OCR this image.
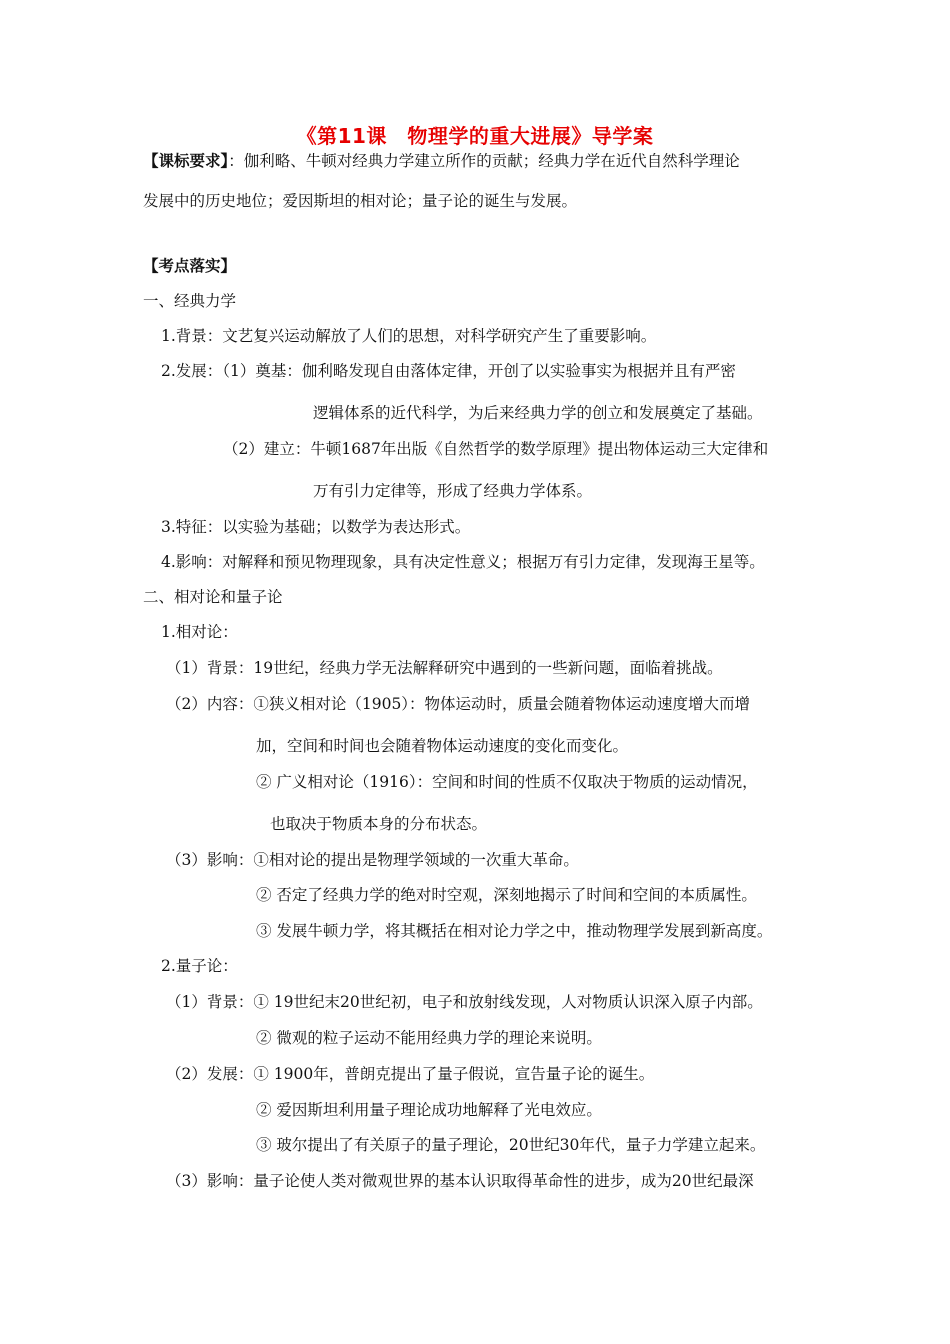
《第11课　物理学的重大进展》导学案
【课标要求】：伽利略、牛顿对经典力学建立所作的贡献；经典力学在近代自然科学理论
发展中的历史地位；爱因斯坦的相对论；量子论的诞生与发展。
【考点落实】
一、经典力学
1.背景：文艺复兴运动解放了人们的思想，对科学研究产生了重要影响。
2.发展：（1）奠基：伽利略发现自由落体定律，开创了以实验事实为根据并且有严密
逻辑体系的近代科学，为后来经典力学的创立和发展奠定了基础。
（2）建立：牛顿1687年出版《自然哲学的数学原理》提出物体运动三大定律和
万有引力定律等，形成了经典力学体系。
3.特征：以实验为基础；以数学为表达形式。
4.影响：对解释和预见物理现象，具有决定性意义；根据万有引力定律，发现海王星等。
二、相对论和量子论
1.相对论：
（1）背景：19世纪，经典力学无法解释研究中遇到的一些新问题，面临着挑战。
（2）内容：①狭义相对论（1905）：物体运动时，质量会随着物体运动速度增大而增
加，空间和时间也会随着物体运动速度的变化而变化。
② 广义相对论（1916）：空间和时间的性质不仅取决于物质的运动情况，
也取决于物质本身的分布状态。
（3）影响：①相对论的提出是物理学领域的一次重大革命。
② 否定了经典力学的绝对时空观，深刻地揭示了时间和空间的本质属性。
③ 发展牛顿力学，将其概括在相对论力学之中，推动物理学发展到新高度。
2.量子论：
（1）背景：① 19世纪末20世纪初，电子和放射线发现，人对物质认识深入原子内部。
② 微观的粒子运动不能用经典力学的理论来说明。
（2）发展：① 1900年，普朗克提出了量子假说，宣告量子论的诞生。
② 爱因斯坦利用量子理论成功地解释了光电效应。
③ 玻尔提出了有关原子的量子理论，20世纪30年代，量子力学建立起来。
（3）影响：量子论使人类对微观世界的基本认识取得革命性的进步，成为20世纪最深
